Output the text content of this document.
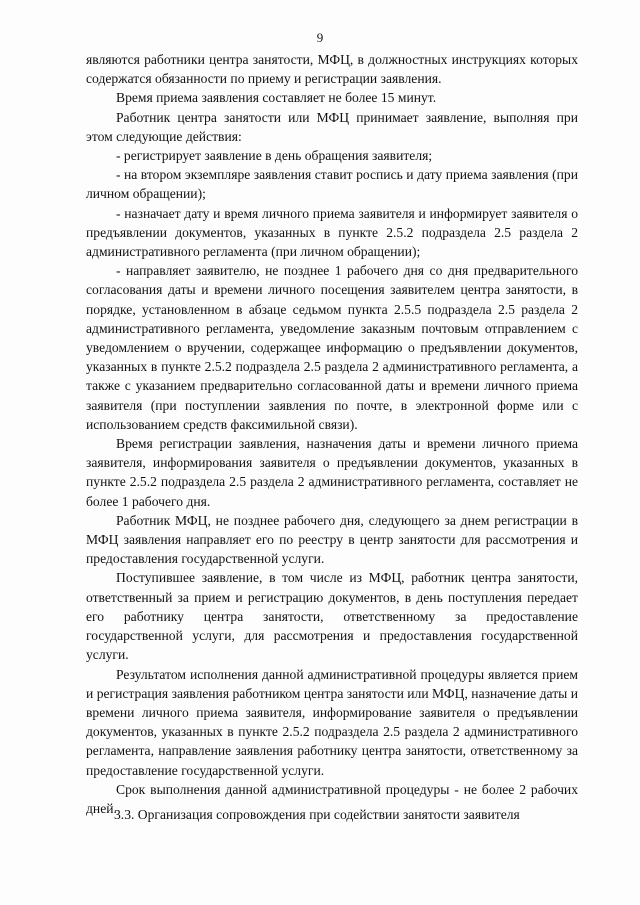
9

являются работники центра занятости, МФЦ, в должностных инструкциях которых содержатся обязанности по приему и регистрации заявления.

Время приема заявления составляет не более 15 минут.

Работник центра занятости или МФЦ принимает заявление, выполняя при этом следующие действия:

- регистрирует заявление в день обращения заявителя;

- на втором экземпляре заявления ставит роспись и дату приема заявления (при личном обращении);

- назначает дату и время личного приема заявителя и информирует заявителя о предъявлении документов, указанных в пункте 2.5.2 подраздела 2.5 раздела 2 административного регламента (при личном обращении);

- направляет заявителю, не позднее 1 рабочего дня со дня предварительного согласования даты и времени личного посещения заявителем центра занятости, в порядке, установленном в абзаце седьмом пункта 2.5.5 подраздела 2.5 раздела 2 административного регламента, уведомление заказным почтовым отправлением с уведомлением о вручении, содержащее информацию о предъявлении документов, указанных в пункте 2.5.2 подраздела 2.5 раздела 2 административного регламента, а также с указанием предварительно согласованной даты и времени личного приема заявителя (при поступлении заявления по почте, в электронной форме или с использованием средств факсимильной связи).

Время регистрации заявления, назначения даты и времени личного приема заявителя, информирования заявителя о предъявлении документов, указанных в пункте 2.5.2 подраздела 2.5 раздела 2 административного регламента, составляет не более 1 рабочего дня.

Работник МФЦ, не позднее рабочего дня, следующего за днем регистрации в МФЦ заявления направляет его по реестру в центр занятости для рассмотрения и предоставления государственной услуги.

Поступившее заявление, в том числе из МФЦ, работник центра занятости, ответственный за прием и регистрацию документов, в день поступления передает его работнику центра занятости, ответственному за предоставление государственной услуги, для рассмотрения и предоставления государственной услуги.

Результатом исполнения данной административной процедуры является прием и регистрация заявления работником центра занятости или МФЦ, назначение даты и времени личного приема заявителя, информирование заявителя о предъявлении документов, указанных в пункте 2.5.2 подраздела 2.5 раздела 2 административного регламента, направление заявления работнику центра занятости, ответственному за предоставление государственной услуги.

Срок выполнения данной административной процедуры - не более 2 рабочих дней.

3.3. Организация сопровождения при содействии занятости заявителя
